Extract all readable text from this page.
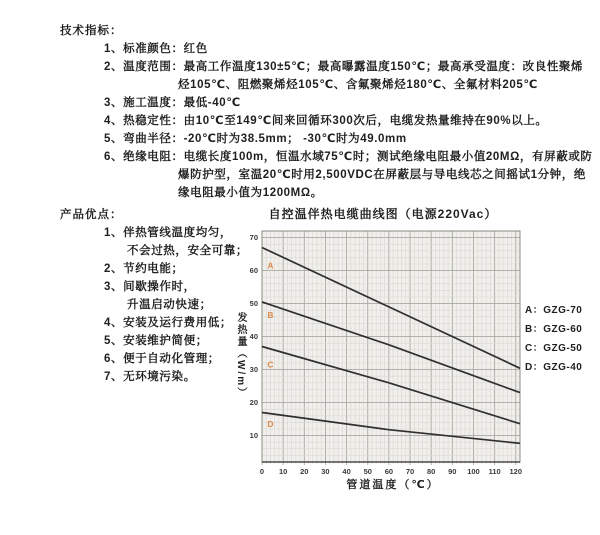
技术指标：
1、标准颜色：红色
2、温度范围：最高工作温度130±5℃；最高曝露温度150℃；最高承受温度：改良性聚烯
烃105℃、阻燃聚烯烃105℃、含氟聚烯烃180℃、全氟材料205℃
3、施工温度：最低-40℃
4、热稳定性：由10℃至149℃间来回循环300次后，电缆发热量维持在90%以上。
5、弯曲半径：-20℃时为38.5mm； -30℃时为49.0mm
6、绝缘电阻：电缆长度100m，恒温水域75℃时；测试绝缘电阻最小值20MΩ，有屏蔽或防
爆防护型，室温20℃时用2,500VDC在屏蔽层与导电线芯之间摇试1分钟，绝
缘电阻最小值为1200MΩ。
产品优点：
1、伴热管线温度均匀，
不会过热，安全可靠；
2、节约电能；
3、间歇操作时，
升温启动快速；
4、安装及运行费用低；
5、安装维护简便；
6、便于自动化管理；
7、无环境污染。
自控温伴热电缆曲线图（电源220Vac）
A
B
C
D
0 10 20 30 40 50 60 70 80 90 100 110 120
10
20
30
40
50
60
70
发热量（W/m）
管道温度（℃）
A：GZG-70
B：GZG-60
C：GZG-50
D：GZG-40
